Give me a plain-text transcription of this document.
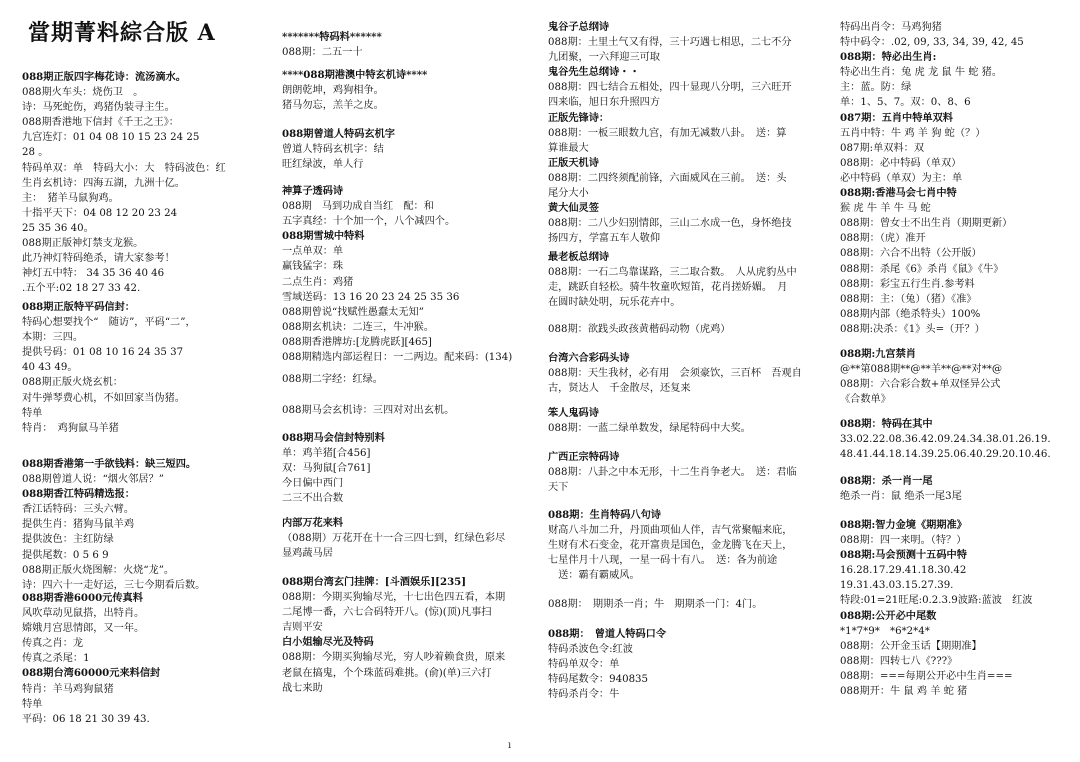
當期菁料綜合版 A
088期正版四字梅花诗：流汤滴水。
088期火车头：烧伤卫　。
诗：马死蛇伤，鸡猪伪装寻主生。
088期香港地下信封《千王之王》：
九宫连灯：01 04 08 10 15 23 24 25
28 。
特码单双：单　特码大小：大　特码波色：红
生肖玄机诗：四海五湖，九洲十亿。
主：　猪羊马鼠狗鸡。
十指平天下：04 08 12 20 23 24
25 35 36 40。
088期正版神灯禁支龙猴。
此乃神灯特码绝杀，请大家参考！
神灯五中特： 34 35 36 40 46
.五个平:02 18 27 33 42.
088期正版特平码信封：
特码心想要找个“　随访”，平码“二”，
本期：三四。
提供号码：01 08 10 16 24 35 37
40 43 49。
088期正版火烧玄机：
对牛弹琴费心机，不如回家当伪猪。
特单
特肖：　鸡狗鼠马羊猪
088期香港第一手欲钱料：缺三短四。
088期曾道人说：“烟火邻居？”
088期香江特码精选报：
香江话特码：三头六臂。
提供生肖：猪狗马鼠羊鸡
提供波色：主红防绿
提供尾数：0 5 6 9
088期正版火烧图解：火烧“龙”。
诗：四六十一走好运，三七今期看后数。
088期香港6000元传真料
风吹草动见鼠搭，出特肖。
嫦娥月宫思情郎，又一年。
传真之肖：龙
传真之杀尾：1
088期台湾60000元来料信封
特肖：羊马鸡狗鼠猪
特单
平码：06 18 21 30 39 43.
*******特码料******
088期：二五一十
****088期港澳中特玄机诗****
朗朗乾坤，鸡狗相争。
猪马勿忘，羔羊之皮。
088期曾道人特码玄机字
曾道人特码玄机字：结
旺红绿波，单人行
神算子透码诗
088期　马到功成自当红　配：和
五字真经：十个加一个，八个减四个。
088期雪城中特料
一点单双：单
赢钱猛字：珠
二点生肖：鸡猪
雪域送码：13 16 20 23 24 25 35 36
088期曾说“找赋性愚蠢太无知”
088期玄机诀：二连三，牛冲猴。
088期香港牌坊:[龙腾虎跃][465]
088期精选内部运程日：一二两边。配来码：(134)
088期二字经：红绿。
088期马会玄机诗：三四对对出玄机。
088期马会信封特别料
单：鸡羊猪[合456]
双：马狗鼠[合761]
今日偏中西门
二三不出合数
内部万花来料
（088期）万花开在十一合三四七到，红绿色彩尽
显鸡蔬马居
088期台湾玄门挂牌：[斗酒娱乐][235]
088期：今期买狗输尽光，十七出色四五看，本期
二尾博一番，六七合码特开八。(惊)(顶)凡事扫
吉则平安
白小姐输尽光及特码
088期：今期买狗输尽光，穷人吵着赖食贵，原来
老鼠在搞鬼，个个珠蓝码难挑。(俞)(单)三六打
战七来助
鬼谷子总纲诗
088期：土里土气又有得，三十巧遇七相思，二七不分
九团聚，一六拜迎三可取
鬼谷先生总纲诗・・
088期：四七结合五相处，四十显现八分明，三六旺开
四来临，旭日东升照四方
正版先锋诗：
088期：一板三眼数九宫，有加无减数八卦。　送：算
算谁最大
正版天机诗
088期：二四终须配前锋，六面威风在三前。　送：头
尾分大小
黄大仙灵签
088期：二八少妇别情郎，三山二水成一色，身怀绝技
扬四方，学富五车人敬仰
最老板总纲诗
088期：一石二鸟靠谋路，三二取合数。　人从虎豹丛中
走，跳跃自轻松。骑牛牧童吹短笛，花肖搓娇媚。　月
在圆时缺处明，玩乐花卉中。
088期：欲践头政孩黄楷码动物（虎鸡）
台湾六合彩码头诗
088期：天生我材，必有用　会须豪饮，三百杯　吾观自
古，贤达人　千金散尽，还复来
笨人鬼码诗
088期：一蓝二绿单数发，绿尾特码中大奖。
广西正宗特码诗
088期：八卦之中本无形，十二生肖争老大。　送：君临
天下
088期：生肖特码八句诗
财高八斗加二升，丹顶曲项仙人伴，吉气常聚幅来庇，
生财有术石变金，花开富贵是国色，金龙腾飞在天上，
七星伴月十八现，一星一码十有八。　送：各为前途
　送：霸有霸威风。
088期：　期期杀一肖；牛　期期杀一门：4门。
088期：　曾道人特码口令
特码杀波色令:红波
特码单双令：单
特码尾数令：940835
特码杀肖令：牛
特码出肖令：马鸡狗猪
特中码令：.02, 09, 33, 34, 39, 42, 45
088期：特必出生肖:
特必出生肖：兔 虎 龙 鼠 牛 蛇 猪。
主：蓝。防：绿
单：1、5、7。双：0、8、6
087期：五肖中特单双料
五肖中特：牛 鸡 羊 狗 蛇（？）
087期:单双料：双
088期：必中特码（单双）
必中特码（单双）为主：单
088期:香港马会七肖中特
猴 虎 牛 羊 牛 马 蛇
088期：曾女士不出生肖（期期更新）
088期：（虎）准开
088期：六合不出特（公开版）
088期：杀尾《6》杀肖《鼠》《牛》
088期：彩宝五行生肖.参考料
088期：主：（兔）（猪）《准》
088期内部（绝杀特头）100%
088期:决杀：《1》头=（开？）
088期:九宫禁肖
@**第088期**@**羊**@**对**@
088期：六合彩合数+单双怪异公式
《合数单》
088期：特码在其中
33.02.22.08.36.42.09.24.34.38.01.26.19.
48.41.44.18.14.39.25.06.40.29.20.10.46.
088期：杀一肖一尾
绝杀一肖：鼠 绝杀一尾3尾
088期:智力金境《期期准》
088期：四一来明。（特？）
088期:马会预测十五码中特
16.28.17.29.41.18.30.42
19.31.43.03.15.27.39.
特段:01=21旺尾:0.2.3.9波路:蓝波　红波
088期:公开必中尾数
*1*7*9*　*6*2*4*
088期：公开金玉话【期期准】
088期：四转七八《???》
088期：===每期公开必中生肖===
088期开：牛 鼠 鸡 羊 蛇 猪
ı
